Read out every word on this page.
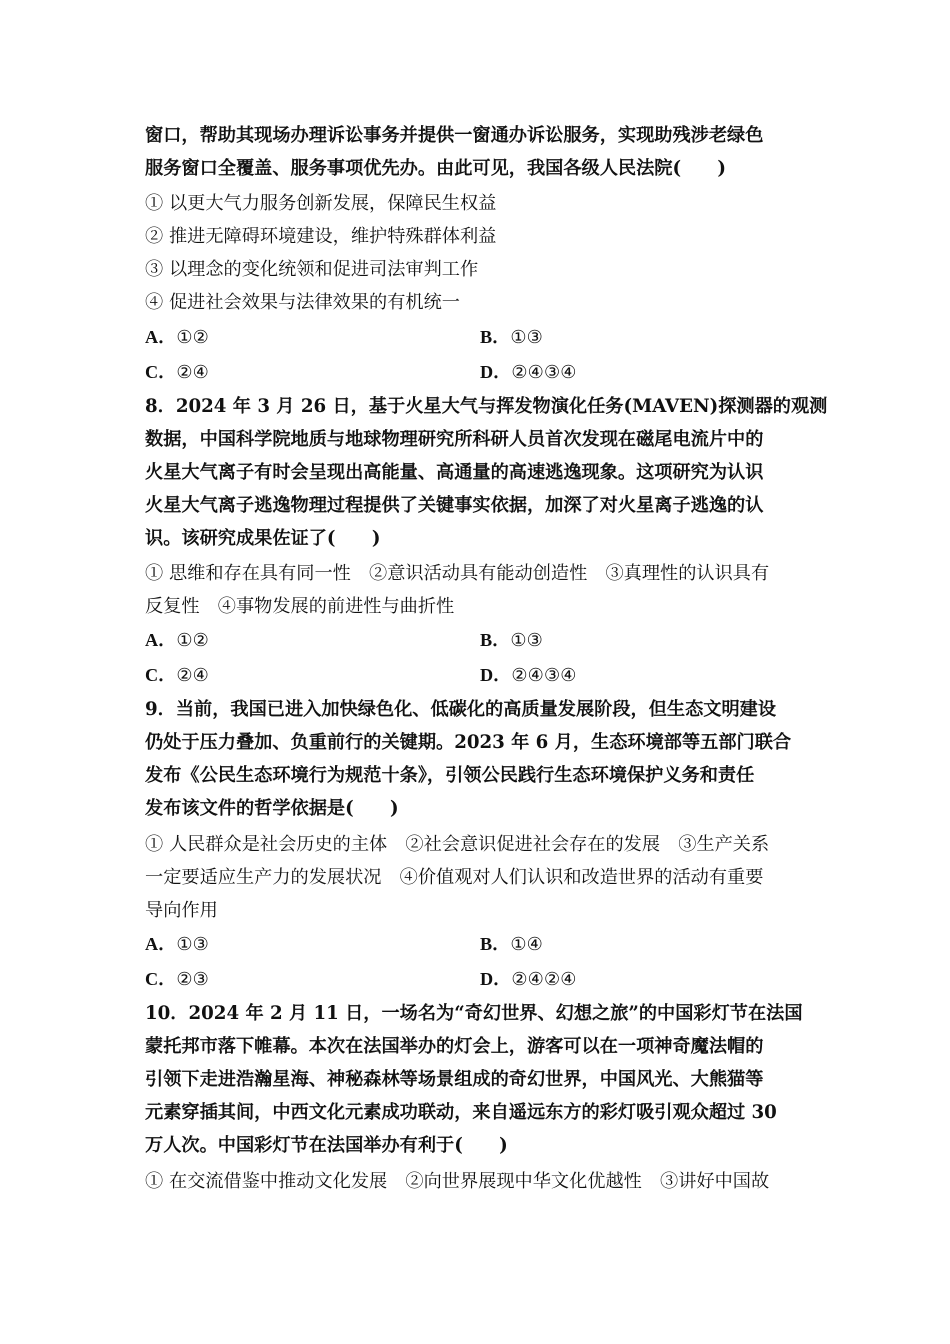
窗口，帮助其现场办理诉讼事务并提供一窗通办诉讼服务，实现助残涉老绿色
服务窗口全覆盖、服务事项优先办。由此可见，我国各级人民法院(　　)
① 以更大气力服务创新发展，保障民生权益
② 推进无障碍环境建设，维护特殊群体利益
③ 以理念的变化统领和促进司法审判工作
④ 促进社会效果与法律效果的有机统一
A．①②	B．①③
C．②④	D．②④③④
8．2024 年 3 月 26 日，基于火星大气与挥发物演化任务(MAVEN)探测器的观测
数据，中国科学院地质与地球物理研究所科研人员首次发现在磁尾电流片中的
火星大气离子有时会呈现出高能量、高通量的高速逃逸现象。这项研究为认识
火星大气离子逃逸物理过程提供了关键事实依据，加深了对火星离子逃逸的认
识。该研究成果佐证了(　　)
① 思维和存在具有同一性　②意识活动具有能动创造性　③真理性的认识具有
反复性　④事物发展的前进性与曲折性
A．①②	B．①③
C．②④	D．②④③④
9．当前，我国已进入加快绿色化、低碳化的高质量发展阶段，但生态文明建设
仍处于压力叠加、负重前行的关键期。2023 年 6 月，生态环境部等五部门联合
发布《公民生态环境行为规范十条》，引领公民践行生态环境保护义务和责任
发布该文件的哲学依据是(　　)
① 人民群众是社会历史的主体　②社会意识促进社会存在的发展　③生产关系
一定要适应生产力的发展状况　④价值观对人们认识和改造世界的活动有重要
导向作用
A．①③	B．①④
C．②③	D．②④②④
10．2024 年 2 月 11 日，一场名为“奇幻世界、幻想之旅”的中国彩灯节在法国
蒙托邦市落下帷幕。本次在法国举办的灯会上，游客可以在一项神奇魔法帽的
引领下走进浩瀚星海、神秘森林等场景组成的奇幻世界，中国风光、大熊猫等
元素穿插其间，中西文化元素成功联动，来自遥远东方的彩灯吸引观众超过 30
万人次。中国彩灯节在法国举办有利于(　　)
① 在交流借鉴中推动文化发展　②向世界展现中华文化优越性　③讲好中国故
